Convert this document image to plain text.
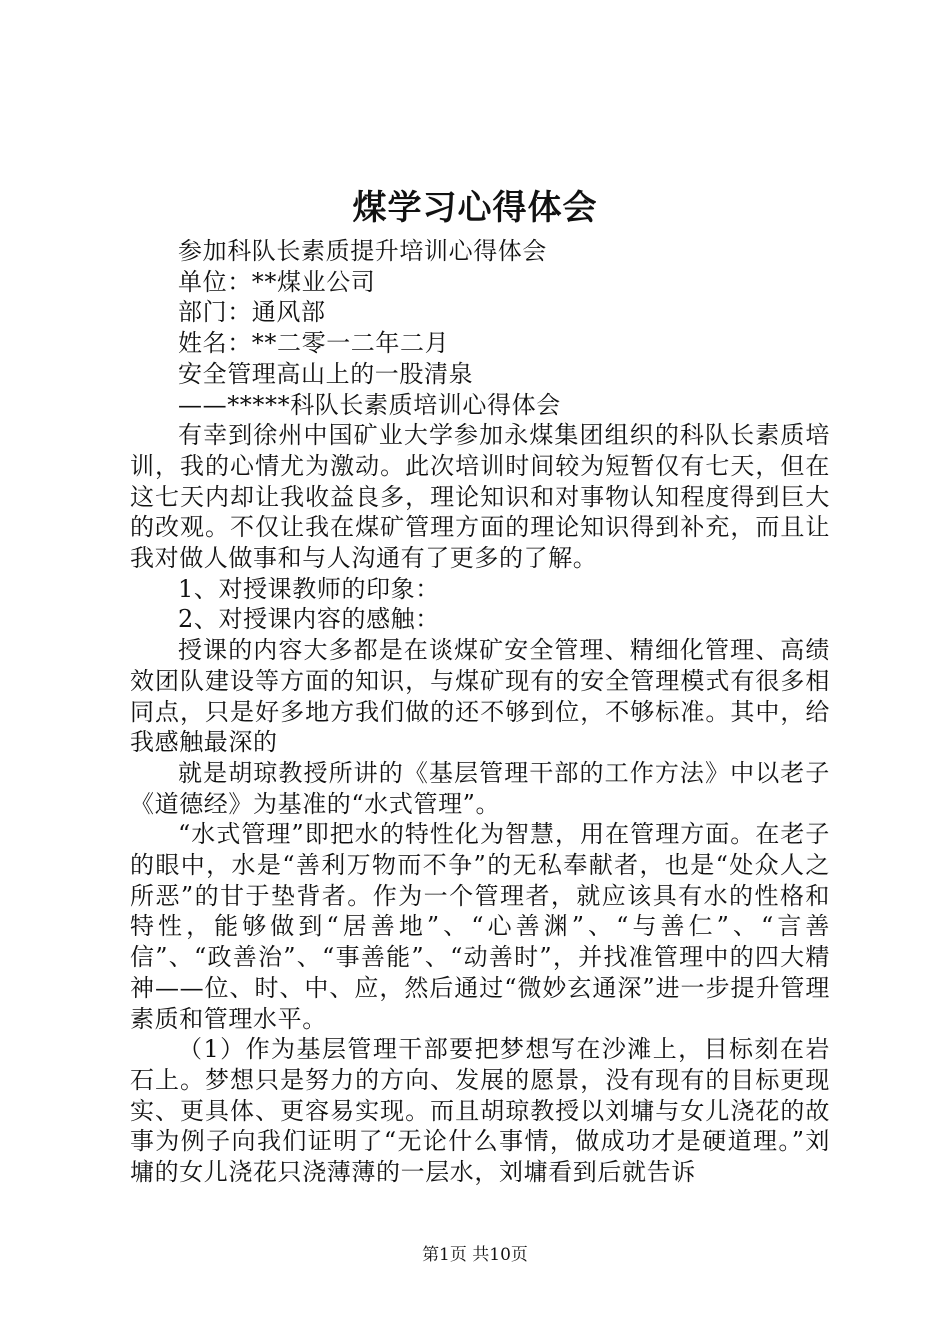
煤学习心得体会

参加科队长素质提升培训心得体会

单位：**煤业公司

部门：通风部

姓名：**二零一二年二月

安全管理高山上的一股清泉

——*****科队长素质培训心得体会

有幸到徐州中国矿业大学参加永煤集团组织的科队长素质培训，我的心情尤为激动。此次培训时间较为短暂仅有七天，但在这七天内却让我收益良多，理论知识和对事物认知程度得到巨大的改观。不仅让我在煤矿管理方面的理论知识得到补充，而且让我对做人做事和与人沟通有了更多的了解。

1、对授课教师的印象：

2、对授课内容的感触：

授课的内容大多都是在谈煤矿安全管理、精细化管理、高绩效团队建设等方面的知识，与煤矿现有的安全管理模式有很多相同点，只是好多地方我们做的还不够到位，不够标准。其中，给我感触最深的

就是胡琼教授所讲的《基层管理干部的工作方法》中以老子《道德经》为基准的“水式管理”。

“水式管理”即把水的特性化为智慧，用在管理方面。在老子的眼中，水是“善利万物而不争”的无私奉献者，也是“处众人之所恶”的甘于垫背者。作为一个管理者，就应该具有水的性格和特性，能够做到“居善地”、“心善渊”、“与善仁”、“言善信”、“政善治”、“事善能”、“动善时”，并找准管理中的四大精神——位、时、中、应，然后通过“微妙玄通深”进一步提升管理素质和管理水平。

（1）作为基层管理干部要把梦想写在沙滩上，目标刻在岩石上。梦想只是努力的方向、发展的愿景，没有现有的目标更现实、更具体、更容易实现。而且胡琼教授以刘墉与女儿浇花的故事为例子向我们证明了“无论什么事情，做成功才是硬道理。”刘墉的女儿浇花只浇薄薄的一层水，刘墉看到后就告诉

第1页 共10页
